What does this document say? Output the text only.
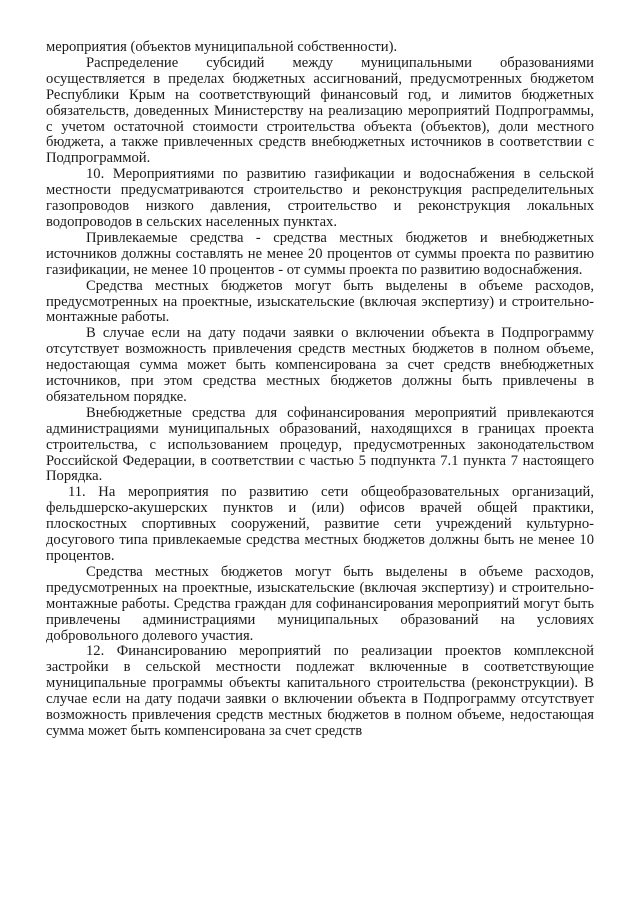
мероприятия (объектов муниципальной собственности).

Распределение субсидий между муниципальными образованиями осуществляется в пределах бюджетных ассигнований, предусмотренных бюджетом Республики Крым на соответствующий финансовый год, и лимитов бюджетных обязательств, доведенных Министерству на реализацию мероприятий Подпрограммы, с учетом остаточной стоимости строительства объекта (объектов), доли местного бюджета, а также привлеченных средств внебюджетных источников в соответствии с Подпрограммой.

10. Мероприятиями по развитию газификации и водоснабжения в сельской местности предусматриваются строительство и реконструкция распределительных газопроводов низкого давления, строительство и реконструкция локальных водопроводов в сельских населенных пунктах.

Привлекаемые средства - средства местных бюджетов и внебюджетных источников должны составлять не менее 20 процентов от суммы проекта по развитию газификации, не менее 10 процентов - от суммы проекта по развитию водоснабжения.

Средства местных бюджетов могут быть выделены в объеме расходов, предусмотренных на проектные, изыскательские (включая экспертизу) и строительно-монтажные работы.

В случае если на дату подачи заявки о включении объекта в Подпрограмму отсутствует возможность привлечения средств местных бюджетов в полном объеме, недостающая сумма может быть компенсирована за счет средств внебюджетных источников, при этом средства местных бюджетов должны быть привлечены в обязательном порядке.

Внебюджетные средства для софинансирования мероприятий привлекаются администрациями муниципальных образований, находящихся в границах проекта строительства, с использованием процедур, предусмотренных законодательством Российской Федерации, в соответствии с частью 5 подпункта 7.1 пункта 7 настоящего Порядка.

11. На мероприятия по развитию сети общеобразовательных организаций, фельдшерско-акушерских пунктов и (или) офисов врачей общей практики, плоскостных спортивных сооружений, развитие сети учреждений культурно-досугового типа привлекаемые средства местных бюджетов должны быть не менее 10 процентов.

Средства местных бюджетов могут быть выделены в объеме расходов, предусмотренных на проектные, изыскательские (включая экспертизу) и строительно-монтажные работы. Средства граждан для софинансирования мероприятий могут быть привлечены администрациями муниципальных образований на условиях добровольного долевого участия.

12. Финансированию мероприятий по реализации проектов комплексной застройки в сельской местности подлежат включенные в соответствующие муниципальные программы объекты капитального строительства (реконструкции). В случае если на дату подачи заявки о включении объекта в Подпрограмму отсутствует возможность привлечения средств местных бюджетов в полном объеме, недостающая сумма может быть компенсирована за счет средств
